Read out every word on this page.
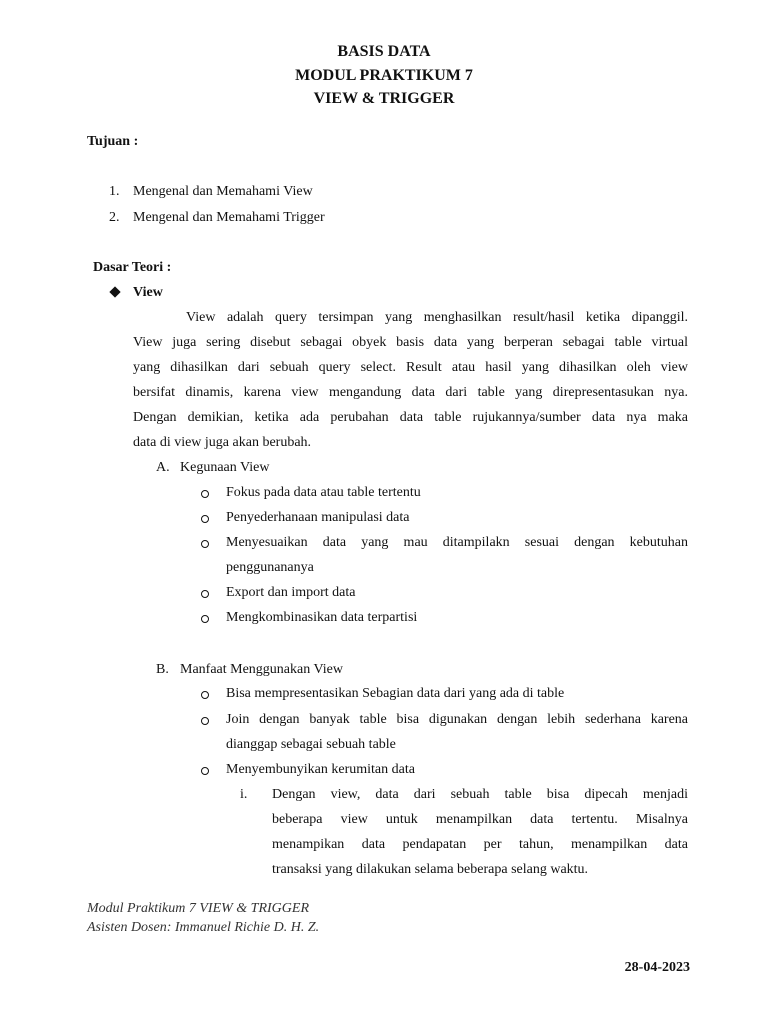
BASIS DATA
MODUL PRAKTIKUM 7
VIEW & TRIGGER
Tujuan :
1. Mengenal dan Memahami View
2. Mengenal dan Memahami Trigger
Dasar Teori :
View
View adalah query tersimpan yang menghasilkan result/hasil ketika dipanggil.
View juga sering disebut sebagai obyek basis data yang berperan sebagai table virtual
yang dihasilkan dari sebuah query select. Result atau hasil yang dihasilkan oleh view
bersifat dinamis, karena view mengandung data dari table yang direpresentasukan nya.
Dengan demikian, ketika ada perubahan data table rujukannya/sumber data nya maka
data di view juga akan berubah.
A. Kegunaan View
Fokus pada data atau table tertentu
Penyederhanaan manipulasi data
Menyesuaikan data yang mau ditampilakn sesuai dengan kebutuhan
penggunananya
Export dan import data
Mengkombinasikan data terpartisi
B. Manfaat Menggunakan View
Bisa mempresentasikan Sebagian data dari yang ada di table
Join dengan banyak table bisa digunakan dengan lebih sederhana karena
dianggap sebagai sebuah table
Menyembunyikan kerumitan data
i. Dengan view, data dari sebuah table bisa dipecah menjadi
beberapa view untuk menampilkan data tertentu. Misalnya
menampikan data pendapatan per tahun, menampilkan data
transaksi yang dilakukan selama beberapa selang waktu.
Modul Praktikum 7 VIEW & TRIGGER
Asisten Dosen: Immanuel Richie D. H. Z.
28-04-2023
